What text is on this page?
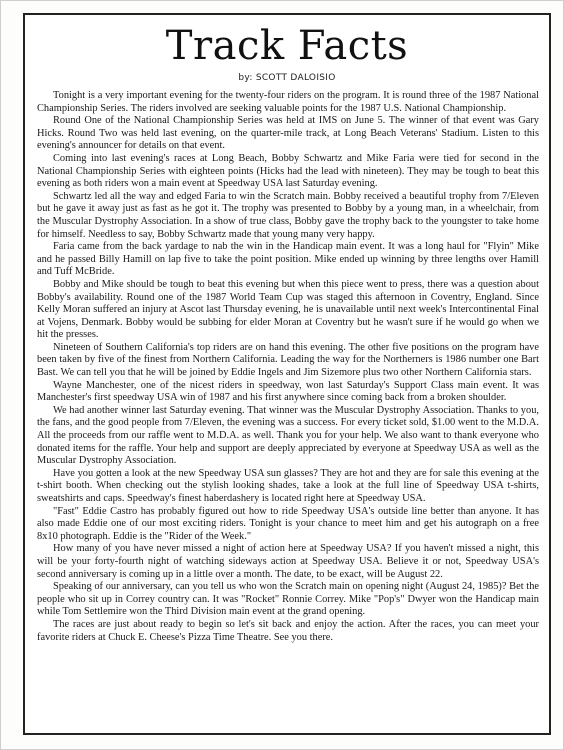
Track Facts
by: SCOTT DALOISIO

Tonight is a very important evening for the twenty-four riders on the program. It is round three of the 1987 National Championship Series. The riders involved are seeking valuable points for the 1987 U.S. National Championship.

Round One of the National Championship Series was held at IMS on June 5. The winner of that event was Gary Hicks. Round Two was held last evening, on the quarter-mile track, at Long Beach Veterans' Stadium. Listen to this evening's announcer for details on that event.

Coming into last evening's races at Long Beach, Bobby Schwartz and Mike Faria were tied for second in the National Championship Series with eighteen points (Hicks had the lead with nineteen). They may be tough to beat this evening as both riders won a main event at Speedway USA last Saturday evening.

Schwartz led all the way and edged Faria to win the Scratch main. Bobby received a beautiful trophy from 7/Eleven but he gave it away just as fast as he got it. The trophy was presented to Bobby by a young man, in a wheelchair, from the Muscular Dystrophy Association. In a show of true class, Bobby gave the trophy back to the youngster to take home for himself. Needless to say, Bobby Schwartz made that young many very happy.

Faria came from the back yardage to nab the win in the Handicap main event. It was a long haul for "Flyin" Mike and he passed Billy Hamill on lap five to take the point position. Mike ended up winning by three lengths over Hamill and Tuff McBride.

Bobby and Mike should be tough to beat this evening but when this piece went to press, there was a question about Bobby's availability. Round one of the 1987 World Team Cup was staged this afternoon in Coventry, England. Since Kelly Moran suffered an injury at Ascot last Thursday evening, he is unavailable until next week's Intercontinental Final at Vojens, Denmark. Bobby would be subbing for elder Moran at Coventry but he wasn't sure if he would go when we hit the presses.

Nineteen of Southern California's top riders are on hand this evening. The other five positions on the program have been taken by five of the finest from Northern California. Leading the way for the Northerners is 1986 number one Bart Bast. We can tell you that he will be joined by Eddie Ingels and Jim Sizemore plus two other Northern California stars.

Wayne Manchester, one of the nicest riders in speedway, won last Saturday's Support Class main event. It was Manchester's first speedway USA win of 1987 and his first anywhere since coming back from a broken shoulder.

We had another winner last Saturday evening. That winner was the Muscular Dystrophy Association. Thanks to you, the fans, and the good people from 7/Eleven, the evening was a success. For every ticket sold, $1.00 went to the M.D.A. All the proceeds from our raffle went to M.D.A. as well. Thank you for your help. We also want to thank everyone who donated items for the raffle. Your help and support are deeply appreciated by everyone at Speedway USA as well as the Muscular Dystrophy Association.

Have you gotten a look at the new Speedway USA sun glasses? They are hot and they are for sale this evening at the t-shirt booth. When checking out the stylish looking shades, take a look at the full line of Speedway USA t-shirts, sweatshirts and caps. Speedway's finest haberdashery is located right here at Speedway USA.

"Fast" Eddie Castro has probably figured out how to ride Speedway USA's outside line better than anyone. It has also made Eddie one of our most exciting riders. Tonight is your chance to meet him and get his autograph on a free 8x10 photograph. Eddie is the "Rider of the Week."

How many of you have never missed a night of action here at Speedway USA? If you haven't missed a night, this will be your forty-fourth night of watching sideways action at Speedway USA. Believe it or not, Speedway USA's second anniversary is coming up in a little over a month. The date, to be exact, will be August 22.

Speaking of our anniversary, can you tell us who won the Scratch main on opening night (August 24, 1985)? Bet the people who sit up in Correy country can. It was "Rocket" Ronnie Correy. Mike "Pop's" Dwyer won the Handicap main while Tom Settlemire won the Third Division main event at the grand opening.

The races are just about ready to begin so let's sit back and enjoy the action. After the races, you can meet your favorite riders at Chuck E. Cheese's Pizza Time Theatre. See you there.
